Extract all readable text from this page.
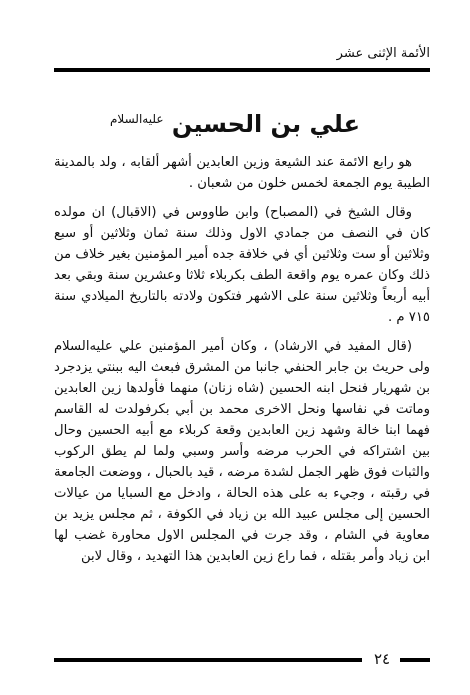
الأئمة الإثنى عشر
علي بن الحسين $^{عليه‌السلام}$

هو رابع الائمة عند الشيعة وزين العابدين أشهر ألقابه ، ولد بالمدينة الطيبة يوم الجمعة لخمس خلون من شعبان .

وقال الشيخ في (المصباح) وابن طاووس في (الاقبال) ان مولده كان في النصف من جمادي الاول وذلك سنة ثمان وثلاثين أو سبع وثلاثين أو ست وثلاثين أي في خلافة جده أمير المؤمنين بغير خلاف من ذلك وكان عمره يوم واقعة الطف بكربلاء ثلاثا وعشرين سنة وبقي بعد أبيه أربعاً وثلاثين سنة على الاشهر فتكون ولادته بالتاريخ الميلادي سنة ٧١٥ م .

(قال المفيد في الارشاد) ، وكان أمير المؤمنين علي عليه‌السلام ولى حريث بن جابر الحنفي جانبا من المشرق فبعث اليه ببنتي يزدجرد بن شهريار فنحل ابنه الحسين (شاه زنان) منهما فأولدها زين العابدين وماتت في نفاسها ونحل الاخرى محمد بن أبي بكرفولدت له القاسم فهما ابنا خالة وشهد زين العابدين وقعة كربلاء مع أبيه الحسين وحال بين اشتراكه في الحرب مرضه وأسر وسبي ولما لم يطق الركوب والثبات فوق ظهر الجمل لشدة مرضه ، قيد بالحبال ، ووضعت الجامعة في رقبته ، وجيء به على هذه الحالة ، وادخل مع السبايا من عيالات الحسين إلى مجلس عبيد الله بن زياد في الكوفة ، ثم مجلس يزيد بن معاوية في الشام ، وقد جرت في المجلس الاول محاورة غضب لها ابن زياد وأمر بقتله ، فما راع زين العابدين هذا التهديد ، وقال لابن

٢٤
